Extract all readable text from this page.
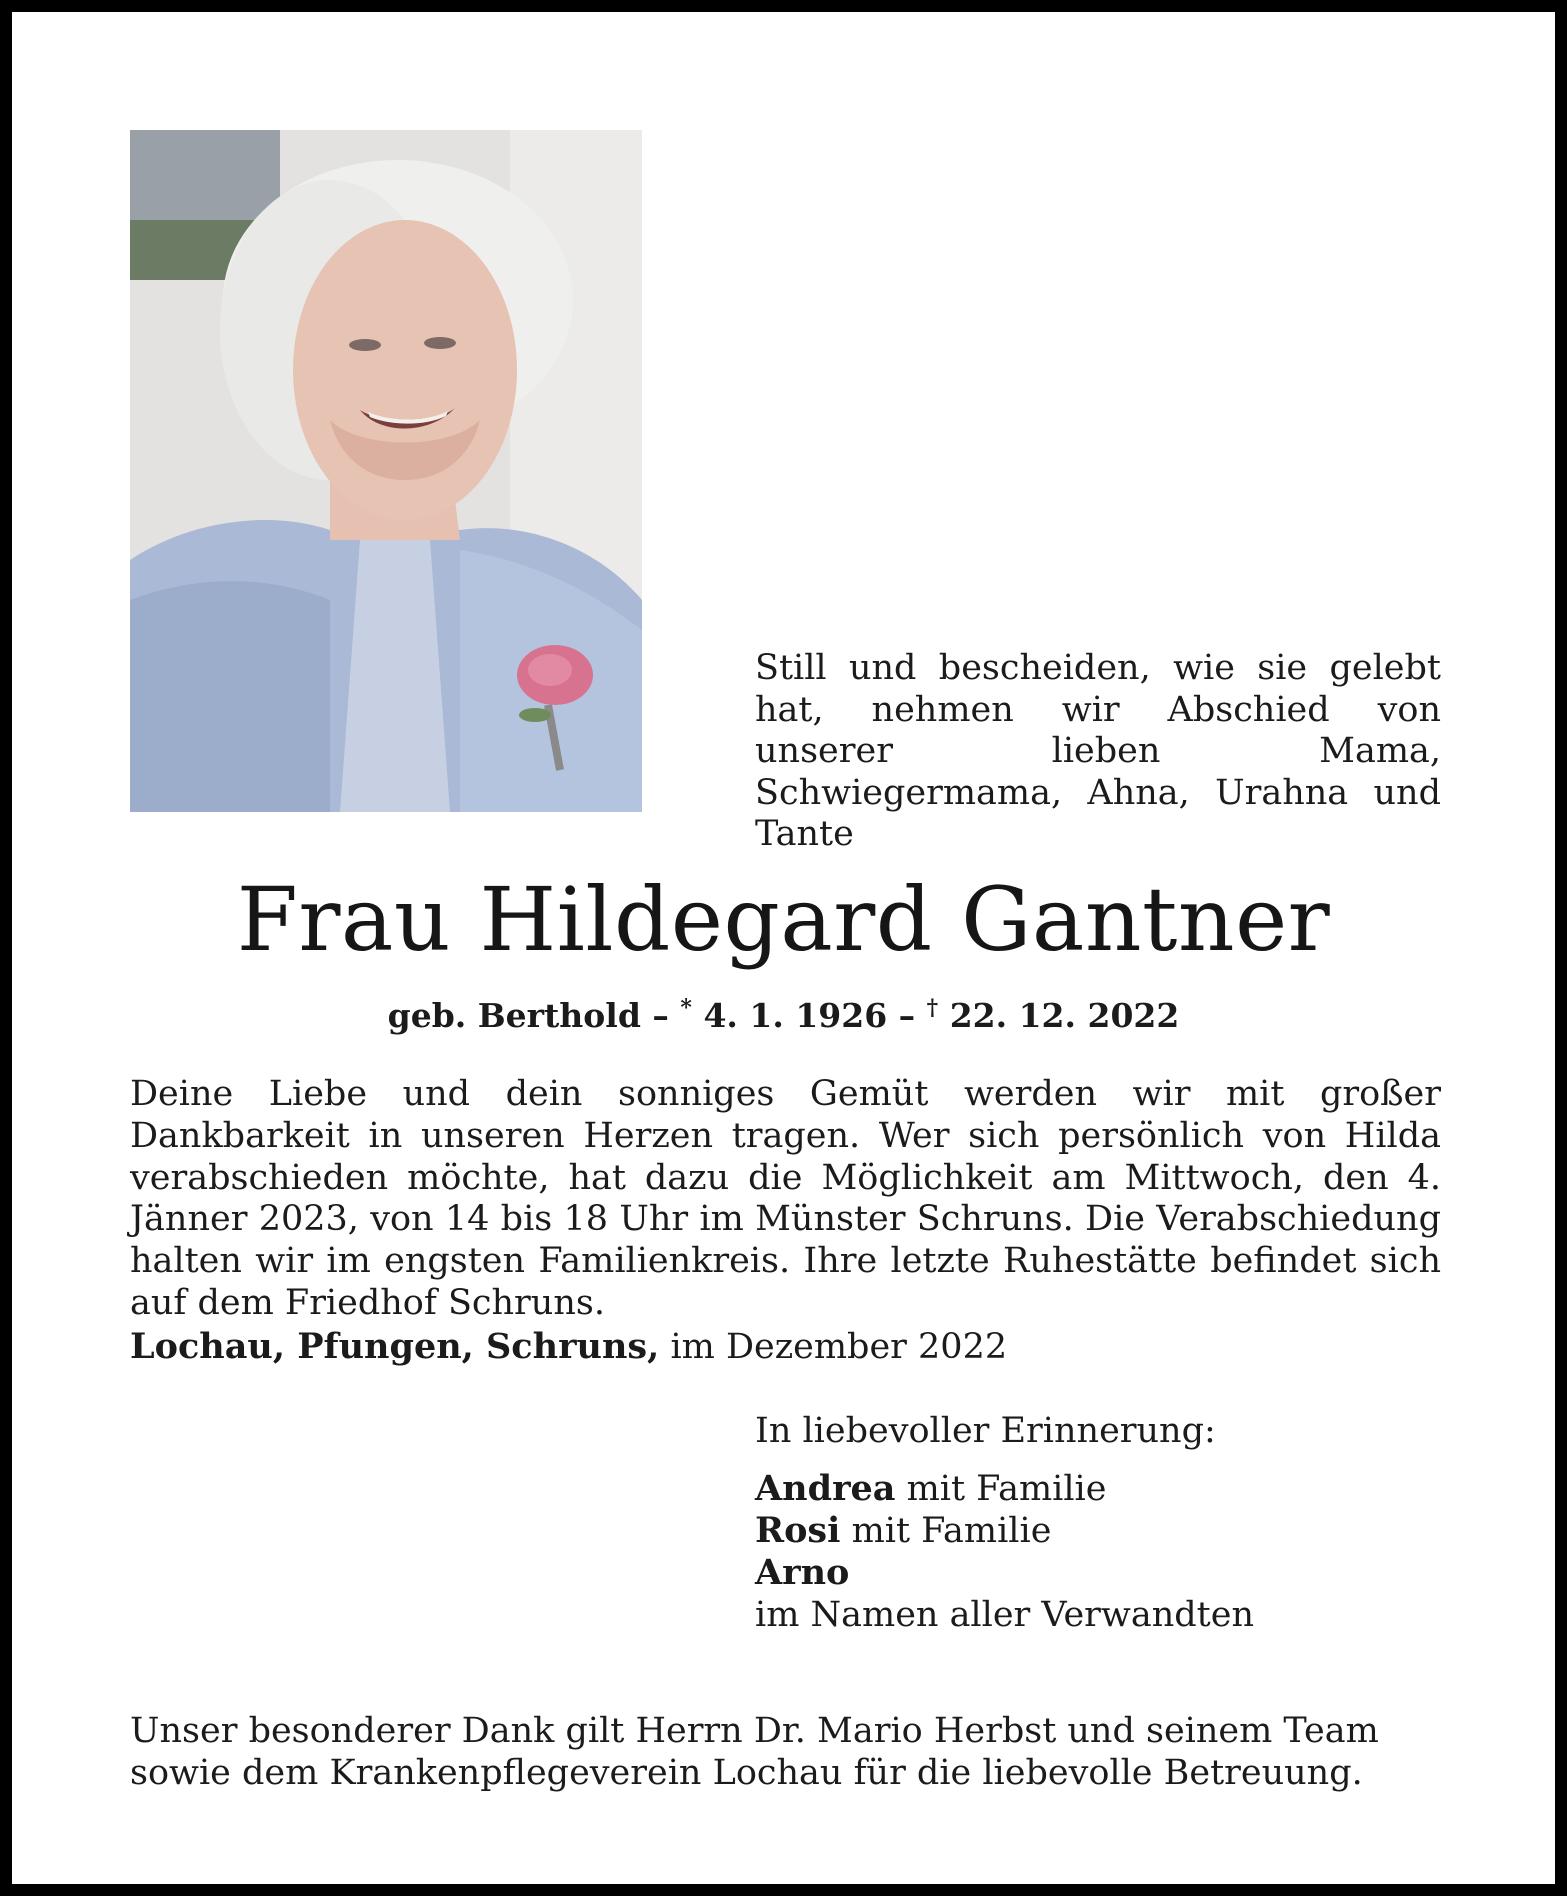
Still und bescheiden, wie sie gelebt hat, nehmen wir Abschied von unserer lieben Mama, Schwiegermama, Ahna, Urahna und Tante
Frau Hildegard Gantner
geb. Berthold – * 4. 1. 1926 – † 22. 12. 2022
Deine Liebe und dein sonniges Gemüt werden wir mit großer Dankbarkeit in unseren Herzen tragen. Wer sich persönlich von Hilda verabschieden möchte, hat dazu die Möglichkeit am Mittwoch, den 4. Jänner 2023, von 14 bis 18 Uhr im Münster Schruns. Die Verabschiedung halten wir im engsten Familienkreis. Ihre letzte Ruhestätte befindet sich auf dem Friedhof Schruns.
Lochau, Pfungen, Schruns, im Dezember 2022
In liebevoller Erinnerung:
Andrea mit Familie
Rosi mit Familie
Arno
im Namen aller Verwandten
Unser besonderer Dank gilt Herrn Dr. Mario Herbst und seinem Team sowie dem Krankenpflegeverein Lochau für die liebevolle Betreuung.
